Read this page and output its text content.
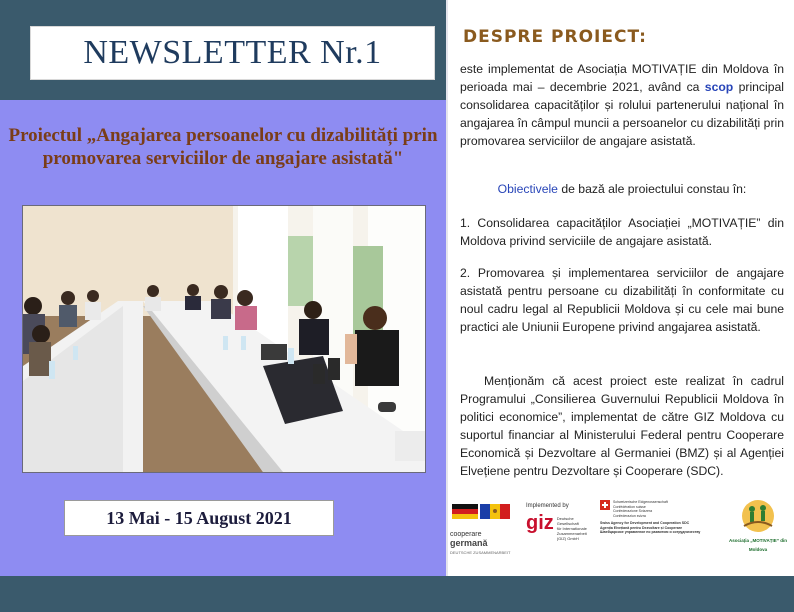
NEWSLETTER Nr.1
Proiectul „Angajarea persoanelor cu dizabilități prin promovarea serviciilor de angajare asistată"
13 Mai - 15 August 2021
DESPRE PROIECT:
este implementat de Asociația MOTIVAȚIE din Moldova în perioada mai – decembrie 2021, având ca scop principal consolidarea capacităților și rolului partenerului național în angajarea în câmpul muncii a persoanelor cu dizabilități prin promovarea serviciilor de angajare asistată.
Obiectivele de bază ale proiectului constau în:
1. Consolidarea capacităților Asociației „MOTIVAȚIE” din Moldova privind serviciile de angajare asistată.
2. Promovarea și implementarea serviciilor de angajare asistată pentru persoane cu dizabilități în conformitate cu noul cadru legal al Republicii Moldova și cu cele mai bune practici ale Uniunii Europene privind angajarea asistată.
Menționăm că acest proiect este realizat în cadrul Programului „Consilierea Guvernului Republicii Moldova în politici economice”, implementat de către GIZ Moldova cu suportul financiar al Ministerului Federal pentru Cooperare Economică și Dezvoltare al Germaniei (BMZ) și al Agenției Elvețiene pentru Dezvoltare și Cooperare (SDC).
cooperare
germană
DEUTSCHE ZUSAMMENARBEIT
Implemented by
giz Deutsche Gesellschaft
für Internationale
Zusammenarbeit (GIZ) GmbH
Schweizerische Eidgenossenschaft
Confédération suisse
Confederazione Svizzera
Confederaziun svizra
Swiss Agency for Development and Cooperation SDC
Agenția Elvețiană pentru Dezvoltare și Cooperare
Швейцарское управление по развитию и сотрудничеству
Asociația „MOTIVAȚIE” din Moldova
